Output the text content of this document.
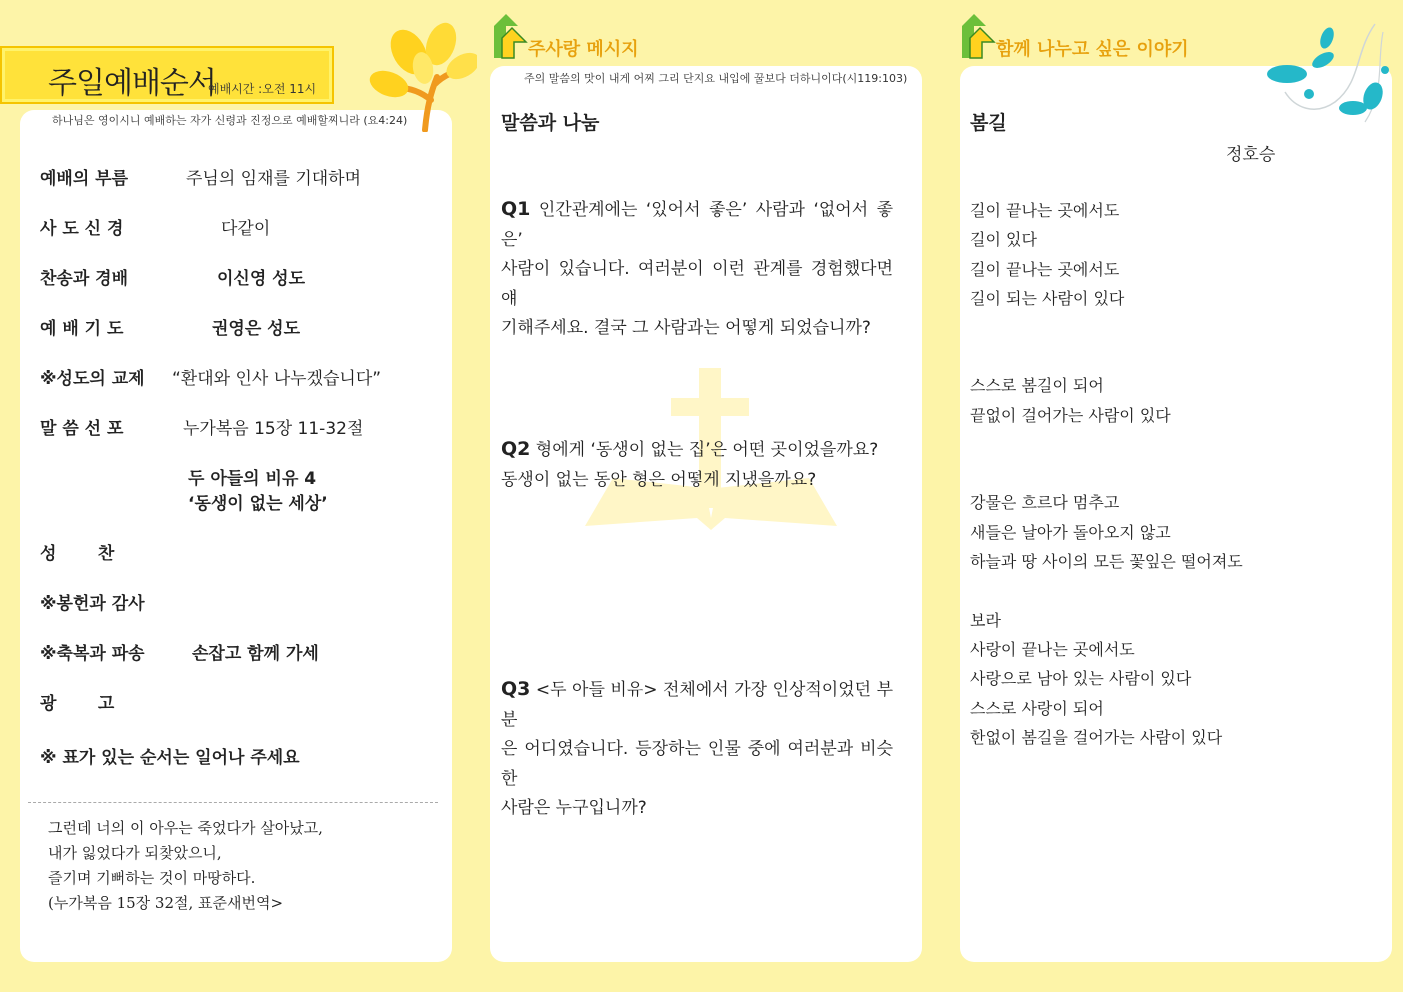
주일예배순서
예배시간 :오전 11시
하나님은 영이시니 예배하는 자가 신령과 진정으로 예배할찌니라 (요4:24)
예배의 부름	주님의 임재를 기대하며
사 도 신 경	다같이
찬송과 경배	이신영 성도
예 배 기 도	권영은 성도
※성도의 교제 “환대와 인사 나누겠습니다”
말 씀 선 포	누가복음 15장 11-32절
두 아들의 비유 4
‘동생이 없는 세상’
성       찬
※봉헌과 감사
※축복과 파송	손잡고 함께 가세
광       고
※ 표가 있는 순서는 일어나 주세요
그런데 너의 이 아우는 죽었다가 살아났고,
내가 잃었다가 되찾았으니,
즐기며 기뻐하는 것이 마땅하다.
(누가복음 15장 32절, 표준새번역>
주사랑 메시지
주의 말씀의 맛이 내게 어찌 그리 단지요 내입에 꿀보다 더하니이다(시119:103)
말씀과 나눔
Q1 인간관계에는 ‘있어서 좋은’ 사람과 ‘없어서 좋은’
사람이 있습니다. 여러분이 이런 관계를 경험했다면 얘
기해주세요. 결국 그 사람과는 어떻게 되었습니까?
Q2 형에게 ‘동생이 없는 집’은 어떤 곳이었을까요?
동생이 없는 동안 형은 어떻게 지냈을까요?
Q3 <두 아들 비유> 전체에서 가장 인상적이었던 부분
은 어디였습니다. 등장하는 인물 중에 여러분과 비슷한
사람은 누구입니까?
함께 나누고 싶은 이야기
봄길
정호승
길이 끝나는 곳에서도
길이 있다
길이 끝나는 곳에서도
길이 되는 사람이 있다
스스로 봄길이 되어
끝없이 걸어가는 사람이 있다
강물은 흐르다 멈추고
새들은 날아가 돌아오지 않고
하늘과 땅 사이의 모든 꽃잎은 떨어져도
보라
사랑이 끝나는 곳에서도
사랑으로 남아 있는 사람이 있다
스스로 사랑이 되어
한없이 봄길을 걸어가는 사람이 있다
